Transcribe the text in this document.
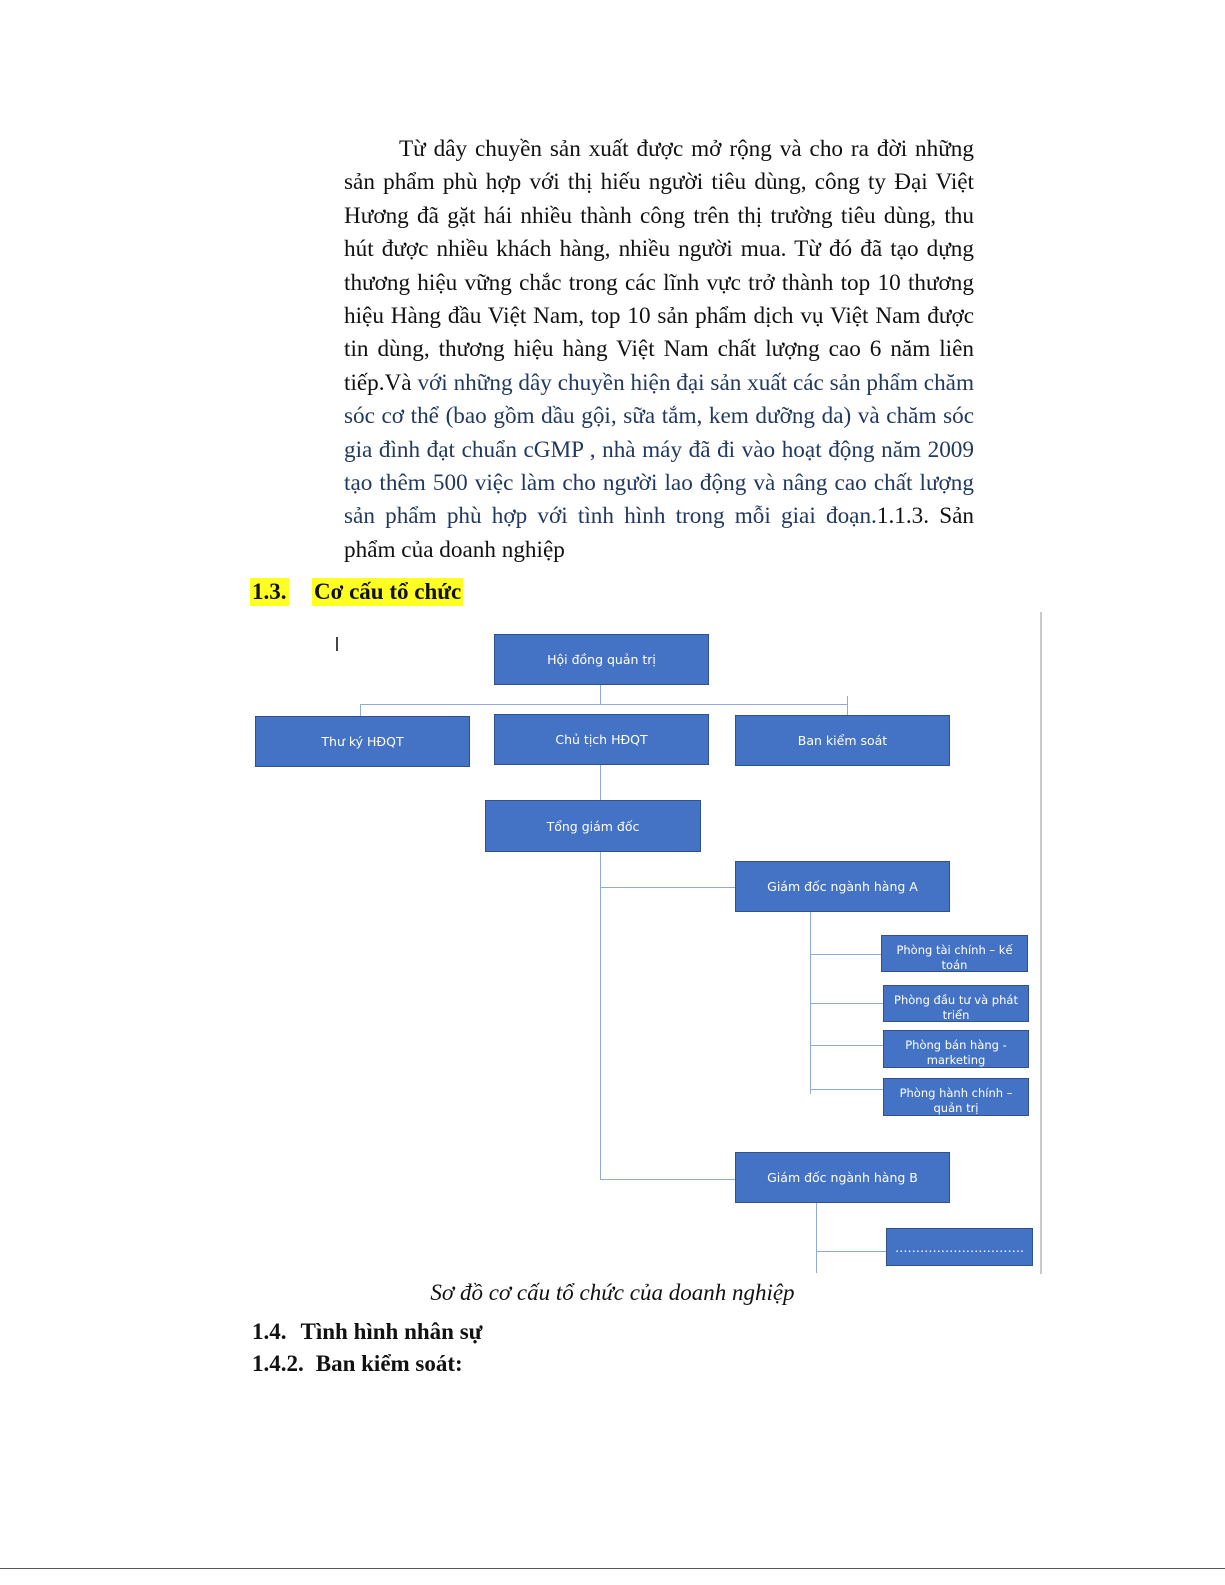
Từ dây chuyền sản xuất được mở rộng và cho ra đời những sản phẩm phù hợp với thị hiếu người tiêu dùng, công ty Đại Việt Hương đã gặt hái nhiều thành công trên thị trường tiêu dùng, thu hút được nhiều khách hàng, nhiều người mua. Từ đó đã tạo dựng thương hiệu vững chắc trong các lĩnh vực trở thành top 10 thương hiệu Hàng đầu Việt Nam, top 10 sản phẩm dịch vụ Việt Nam được tin dùng, thương hiệu hàng Việt Nam chất lượng cao 6 năm liên tiếp.Và với những dây chuyền hiện đại sản xuất các sản phẩm chăm sóc cơ thể (bao gồm dầu gội, sữa tắm, kem dưỡng da) và chăm sóc gia đình đạt chuẩn cGMP , nhà máy đã đi vào hoạt động năm 2009 tạo thêm 500 việc làm cho người lao động và nâng cao chất lượng sản phẩm phù hợp với tình hình trong mỗi giai đoạn.1.1.3. Sản phẩm của doanh nghiệp
1.3. Cơ cấu tổ chức
Hội đồng quản trị
Thư ký HĐQT	Chủ tịch HĐQT	Ban kiểm soát
Tổng giám đốc
Giám đốc ngành hàng A
Phòng tài chính – kế toán
Phòng đầu tư và phát triển
Phòng bán hàng - marketing
Phòng hành chính – quản trị
Giám đốc ngành hàng B
………………………….
Sơ đồ cơ cấu tổ chức của doanh nghiệp
1.4. Tình hình nhân sự
1.4.2. Ban kiểm soát:
